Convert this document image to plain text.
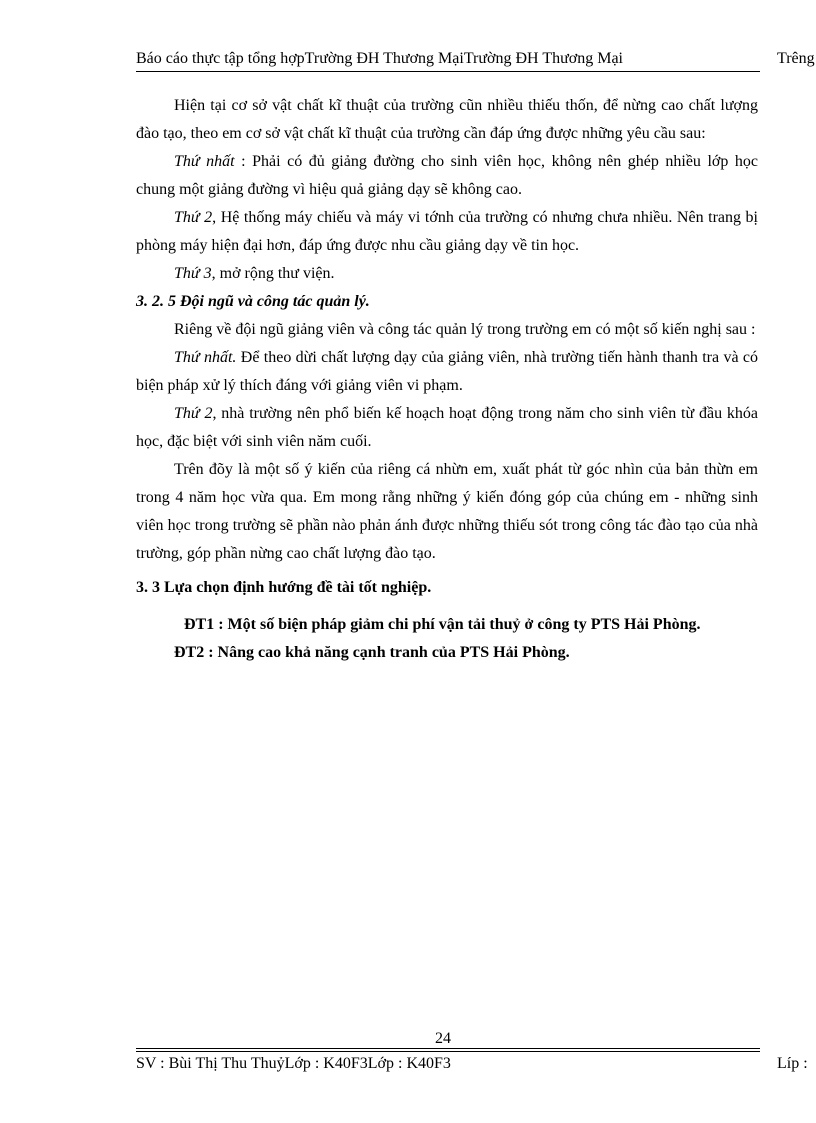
Báo cáo thực tập tổng hợpTrường ĐH Thương MạiTrường ĐH Thương Mại	Trêng

Hiện tại cơ sở vật chất kĩ thuật của trường cũn nhiều thiếu thốn, để nừng cao chất lượng đào tạo, theo em cơ sở vật chất kĩ thuật của trường cần đáp ứng được những yêu cầu sau:

Thứ nhất : Phải có đủ giảng đường cho sinh viên học, không nên ghép nhiều lớp học chung một giảng đường vì hiệu quả giảng dạy sẽ không cao.

Thứ 2, Hệ thống máy chiếu và máy vi tớnh của trường có nhưng chưa nhiều. Nên trang bị phòng máy hiện đại hơn, đáp ứng được nhu cầu giảng dạy về tin học.

Thứ 3, mở rộng thư viện.

3. 2. 5 Đội ngũ và công tác quản lý.

Riêng về đội ngũ giảng viên và công tác quản lý trong trường em có một số kiến nghị sau :

Thứ nhất. Để theo dừi chất lượng dạy của giảng viên, nhà trường tiến hành thanh tra và có biện pháp xử lý thích đáng với giảng viên vi phạm.

Thứ 2, nhà trường nên phổ biến kế hoạch hoạt động trong năm cho sinh viên từ đầu khóa học, đặc biệt với sinh viên năm cuối.

Trên đõy là một số ý kiến của riêng cá nhừn em, xuất phát từ góc nhìn của bản thừn em trong 4 năm học vừa qua. Em mong rằng những ý kiến đóng góp của chúng em - những sinh viên học trong trường sẽ phần nào phản ánh được những thiếu sót trong công tác đào tạo của nhà trường, góp phần nừng cao chất lượng đào tạo.

3. 3 Lựa chọn định hướng đề tài tốt nghiệp.

ĐT1 : Một số biện pháp giảm chi phí vận tải thuỷ ở công ty PTS Hải Phòng.

ĐT2 : Nâng cao khả năng cạnh tranh của PTS Hải Phòng.

24
SV : Bùi Thị Thu ThuỷLớp : K40F3Lớp : K40F3	Líp :
